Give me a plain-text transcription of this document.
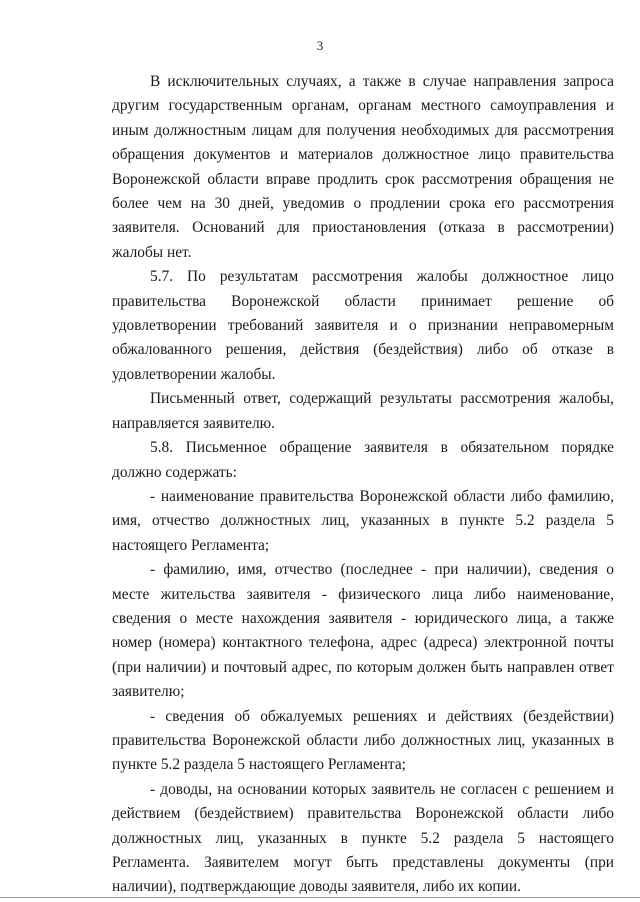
3

В исключительных случаях, а также в случае направления запроса другим государственным органам, органам местного самоуправления и иным должностным лицам для получения необходимых для рассмотрения обращения документов и материалов должностное лицо правительства Воронежской области вправе продлить срок рассмотрения обращения не более чем на 30 дней, уведомив о продлении срока его рассмотрения заявителя. Оснований для приостановления (отказа в рассмотрении) жалобы нет.

5.7. По результатам рассмотрения жалобы должностное лицо правительства Воронежской области принимает решение об удовлетворении требований заявителя и о признании неправомерным обжалованного решения, действия (бездействия) либо об отказе в удовлетворении жалобы.

Письменный ответ, содержащий результаты рассмотрения жалобы, направляется заявителю.

5.8. Письменное обращение заявителя в обязательном порядке должно содержать:

- наименование правительства Воронежской области либо фамилию, имя, отчество должностных лиц, указанных в пункте 5.2 раздела 5 настоящего Регламента;

- фамилию, имя, отчество (последнее - при наличии), сведения о месте жительства заявителя - физического лица либо наименование, сведения о месте нахождения заявителя - юридического лица, а также номер (номера) контактного телефона, адрес (адреса) электронной почты (при наличии) и почтовый адрес, по которым должен быть направлен ответ заявителю;

- сведения об обжалуемых решениях и действиях (бездействии) правительства Воронежской области либо должностных лиц, указанных в пункте 5.2 раздела 5 настоящего Регламента;

- доводы, на основании которых заявитель не согласен с решением и действием (бездействием) правительства Воронежской области либо должностных лиц, указанных в пункте 5.2 раздела 5 настоящего Регламента. Заявителем могут быть представлены документы (при наличии), подтверждающие доводы заявителя, либо их копии.
